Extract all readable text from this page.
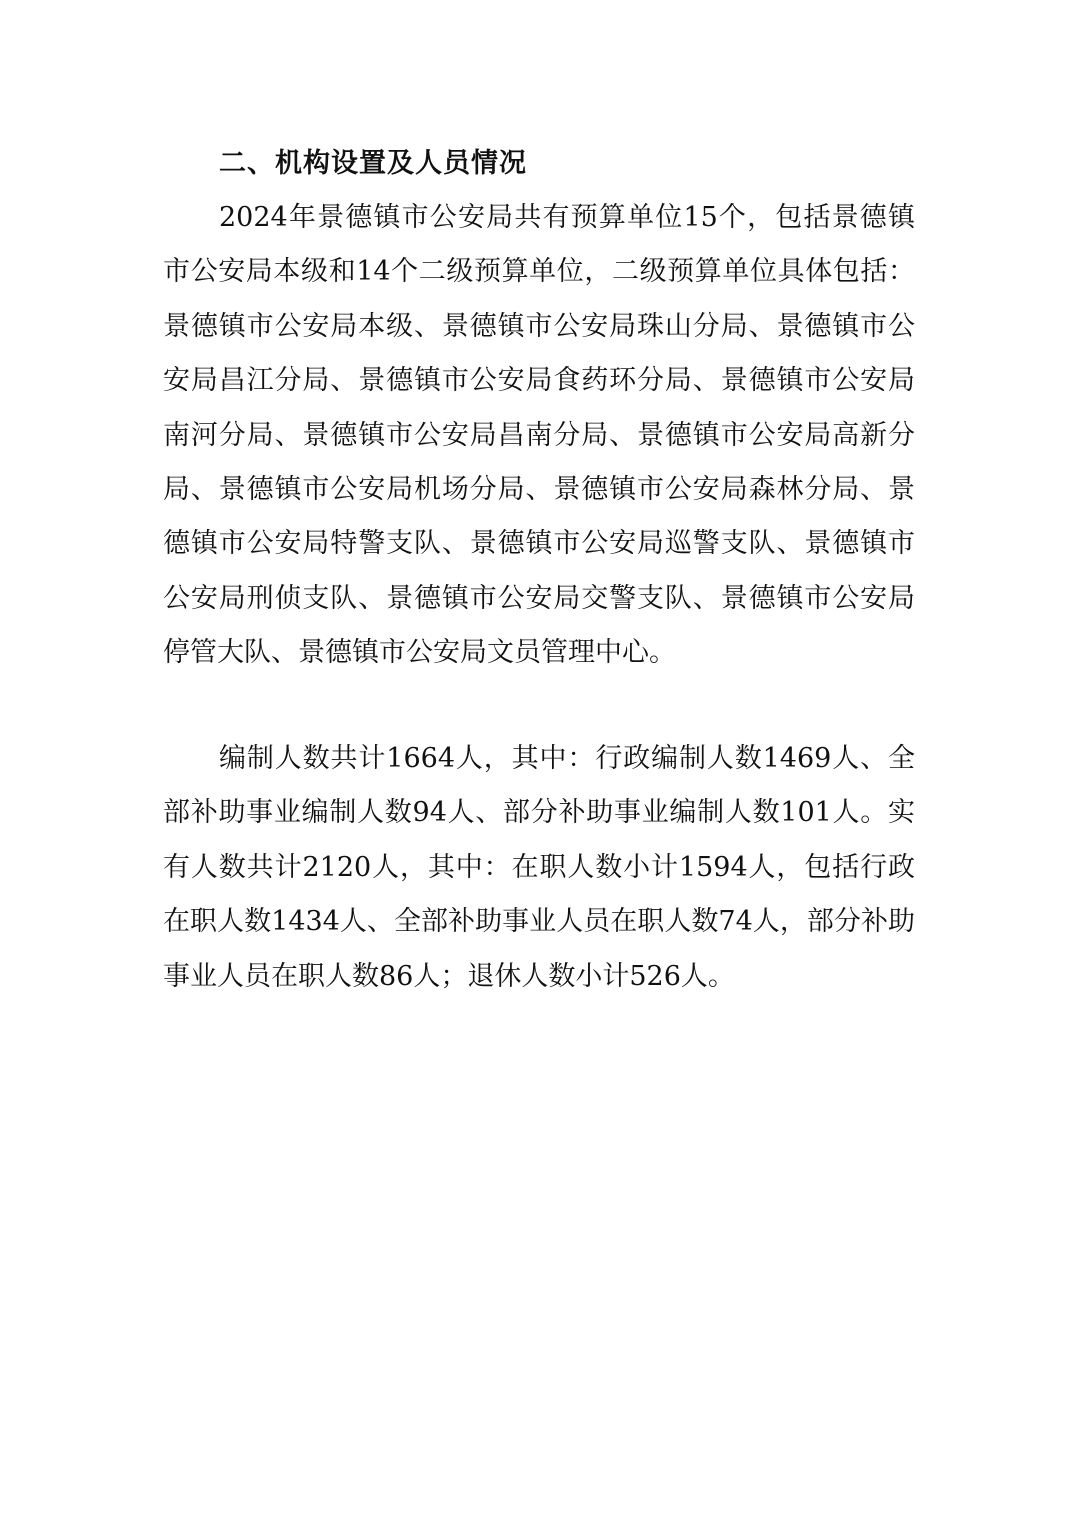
二、机构设置及人员情况

2024年景德镇市公安局共有预算单位15个，包括景德镇市公安局本级和14个二级预算单位，二级预算单位具体包括：景德镇市公安局本级、景德镇市公安局珠山分局、景德镇市公安局昌江分局、景德镇市公安局食药环分局、景德镇市公安局南河分局、景德镇市公安局昌南分局、景德镇市公安局高新分局、景德镇市公安局机场分局、景德镇市公安局森林分局、景德镇市公安局特警支队、景德镇市公安局巡警支队、景德镇市公安局刑侦支队、景德镇市公安局交警支队、景德镇市公安局停管大队、景德镇市公安局文员管理中心。

编制人数共计1664人，其中：行政编制人数1469人、全部补助事业编制人数94人、部分补助事业编制人数101人。实有人数共计2120人，其中：在职人数小计1594人，包括行政在职人数1434人、全部补助事业人员在职人数74人，部分补助事业人员在职人数86人；退休人数小计526人。
